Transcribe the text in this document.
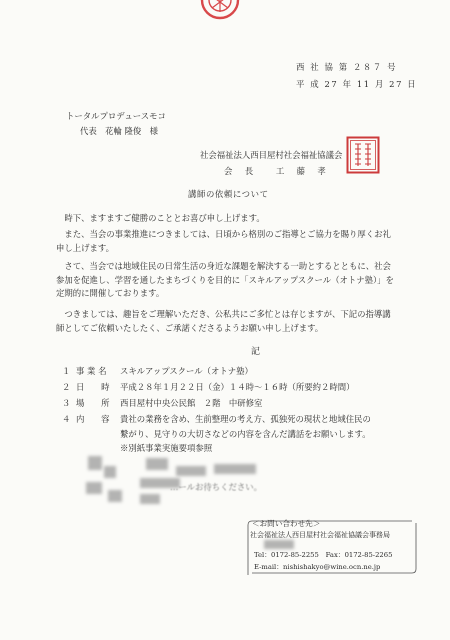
西 社 協 第 ２８７ 号
平 成 27 年 11 月 27 日
トータルプロデュースモコ
代表　花輪 隆俊　様
社会福祉法人西目屋村社会福祉協議会
会　長　　工　藤　孝
講師の依頼について
時下、ますますご健勝のこととお喜び申し上げます。
また、当会の事業推進につきましては、日頃から格別のご指導とご協力を賜り厚くお礼申し上げます。
さて、当会では地域住民の日常生活の身近な課題を解決する一助とするとともに、社会参加を促進し、学習を通したまちづくりを目的に「スキルアップスクール（オトナ塾）」を定期的に開催しております。
つきましては、趣旨をご理解いただき、公私共にご多忙とは存じますが、下記の指導講師としてご依頼いたしたく、ご承諾くださるようお願い申し上げます。
記
１ 事 業 名 スキルアップスクール（オトナ塾）
２ 日　　時 平成２８年１月２２日（金）１４時～１６時（所要約２時間）
３ 場　　所 西目屋村中央公民館　２階　中研修室
４ 内　　容 貴社の業務を含め、生前整理の考え方、孤独死の現状と地域住民の
繋がり、見守りの大切さなどの内容を含んだ講話をお願いします。
※別紙事業実施要項参照
…ールお待ちください。
＜お問い合わせ先＞
社会福祉法人西目屋村社会福祉協議会事務局
Tel：0172-85-2255　Fax：0172-85-2265
E-mail：nishishakyo@wine.ocn.ne.jp
